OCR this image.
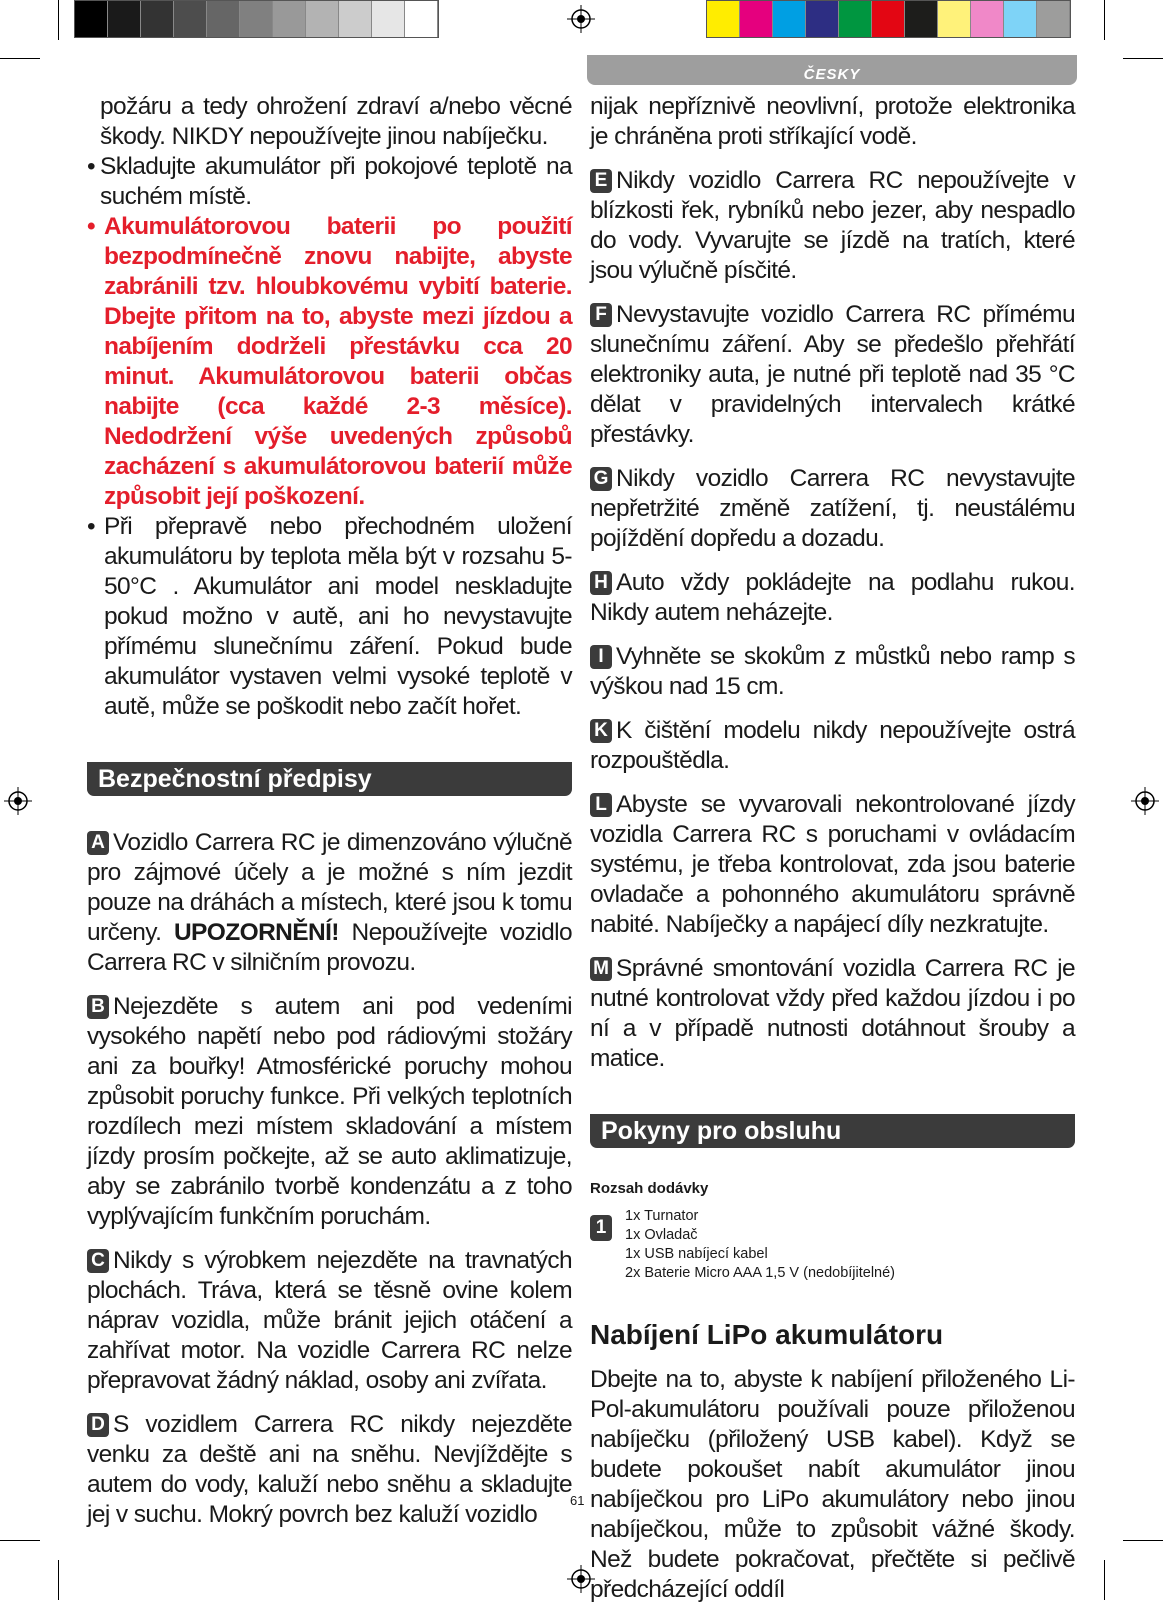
ČESKY

požáru a tedy ohrožení zdraví a/nebo věcné škody. NIKDY nepoužívejte jinou nabíječku.

• Skladujte akumulátor při pokojové teplotě na suchém místě.

• Akumulátorovou baterii po použití bezpodmínečně znovu nabijte, abyste zabránili tzv. hloubkovému vybití baterie. Dbejte přitom na to, abyste mezi jízdou a nabíjením dodrželi přestávku cca 20 minut. Akumulátorovou baterii občas nabijte (cca každé 2-3 měsíce). Nedodržení výše uvedených způsobů zacházení s akumulátorovou baterií může způsobit její poškození.

• Při přepravě nebo přechodném uložení akumulátoru by teplota měla být v rozsahu 5-50°C . Akumulátor ani model neskladujte pokud možno v autě, ani ho nevystavujte přímému slunečnímu záření. Pokud bude akumulátor vystaven velmi vysoké teplotě v autě, může se poškodit nebo začít hořet.

Bezpečnostní předpisy

A Vozidlo Carrera RC je dimenzováno výlučně pro zájmové účely a je možné s ním jezdit pouze na dráhách a místech, které jsou k tomu určeny. UPOZORNĚNÍ! Nepoužívejte vozidlo Carrera RC v silničním provozu.

B Nejezděte s autem ani pod vedeními vysokého napětí nebo pod rádiovými stožáry ani za bouřky! Atmosférické poruchy mohou způsobit poruchy funkce. Při velkých teplotních rozdílech mezi místem skladování a místem jízdy prosím počkejte, až se auto aklimatizuje, aby se zabránilo tvorbě kondenzátu a z toho vyplývajícím funkčním poruchám.

C Nikdy s výrobkem nejezděte na travnatých plochách. Tráva, která se těsně ovine kolem náprav vozidla, může bránit jejich otáčení a zahřívat motor. Na vozidle Carrera RC nelze přepravovat žádný náklad, osoby ani zvířata.

D S vozidlem Carrera RC nikdy nejezděte venku za deště ani na sněhu. Nevjíždějte s autem do vody, kaluží nebo sněhu a skladujte jej v suchu. Mokrý povrch bez kaluží vozidlo

nijak nepříznivě neovlivní, protože elektronika je chráněna proti stříkající vodě.

E Nikdy vozidlo Carrera RC nepoužívejte v blízkosti řek, rybníků nebo jezer, aby nespadlo do vody. Vyvarujte se jízdě na tratích, které jsou výlučně písčité.

F Nevystavujte vozidlo Carrera RC přímému slunečnímu záření. Aby se předešlo přehřátí elektroniky auta, je nutné při teplotě nad 35 °C dělat v pravidelných intervalech krátké přestávky.

G Nikdy vozidlo Carrera RC nevystavujte nepřetržité změně zatížení, tj. neustálému pojíždění dopředu a dozadu.

H Auto vždy pokládejte na podlahu rukou. Nikdy autem neházejte.

I Vyhněte se skokům z můstků nebo ramp s výškou nad 15 cm.

K K čištění modelu nikdy nepoužívejte ostrá rozpouštědla.

L Abyste se vyvarovali nekontrolované jízdy vozidla Carrera RC s poruchami v ovládacím systému, je třeba kontrolovat, zda jsou baterie ovladače a pohonného akumulátoru správně nabité. Nabíječky a napájecí díly nezkratujte.

M Správné smontování vozidla Carrera RC je nutné kontrolovat vždy před každou jízdou i po ní a v případě nutnosti dotáhnout šrouby a matice.

Pokyny pro obsluhu
Rozsah dodávky
1
1x Turnator
1x Ovladač
1x USB nabíjecí kabel
2x Baterie Micro AAA 1,5 V (nedobíjitelné)
Nabíjení LiPo akumulátoru

Dbejte na to, abyste k nabíjení přiloženého Li-Pol-akumulátoru používali pouze přiloženou nabíječku (přiložený USB kabel). Když se budete pokoušet nabít akumulátor jinou nabíječkou pro LiPo akumulátory nebo jinou nabíječkou, může to způsobit vážné škody. Než budete pokračovat, přečtěte si pečlivě předcházející oddíl

61
